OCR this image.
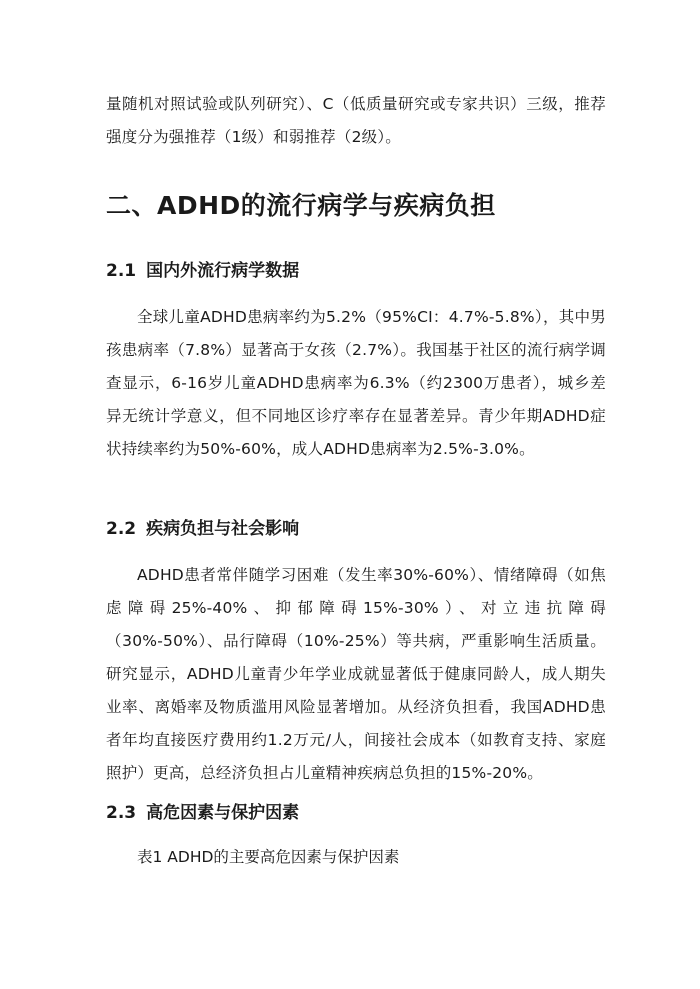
量随机对照试验或队列研究）、C（低质量研究或专家共识）三级，推荐强度分为强推荐（1级）和弱推荐（2级）。

二、ADHD的流行病学与疾病负担
2.1 国内外流行病学数据

全球儿童ADHD患病率约为5.2%（95%CI：4.7%-5.8%），其中男孩患病率（7.8%）显著高于女孩（2.7%）。我国基于社区的流行病学调查显示，6-16岁儿童ADHD患病率为6.3%（约2300万患者），城乡差异无统计学意义，但不同地区诊疗率存在显著差异。青少年期ADHD症状持续率约为50%-60%，成人ADHD患病率为2.5%-3.0%。

2.2 疾病负担与社会影响

ADHD患者常伴随学习困难（发生率30%-60%）、情绪障碍（如焦虑障碍25%-40%、抑郁障碍15%-30%）、对立违抗障碍（30%-50%）、品行障碍（10%-25%）等共病，严重影响生活质量。研究显示，ADHD儿童青少年学业成就显著低于健康同龄人，成人期失业率、离婚率及物质滥用风险显著增加。从经济负担看，我国ADHD患者年均直接医疗费用约1.2万元/人，间接社会成本（如教育支持、家庭照护）更高，总经济负担占儿童精神疾病总负担的15%-20%。

2.3 高危因素与保护因素

表1 ADHD的主要高危因素与保护因素
